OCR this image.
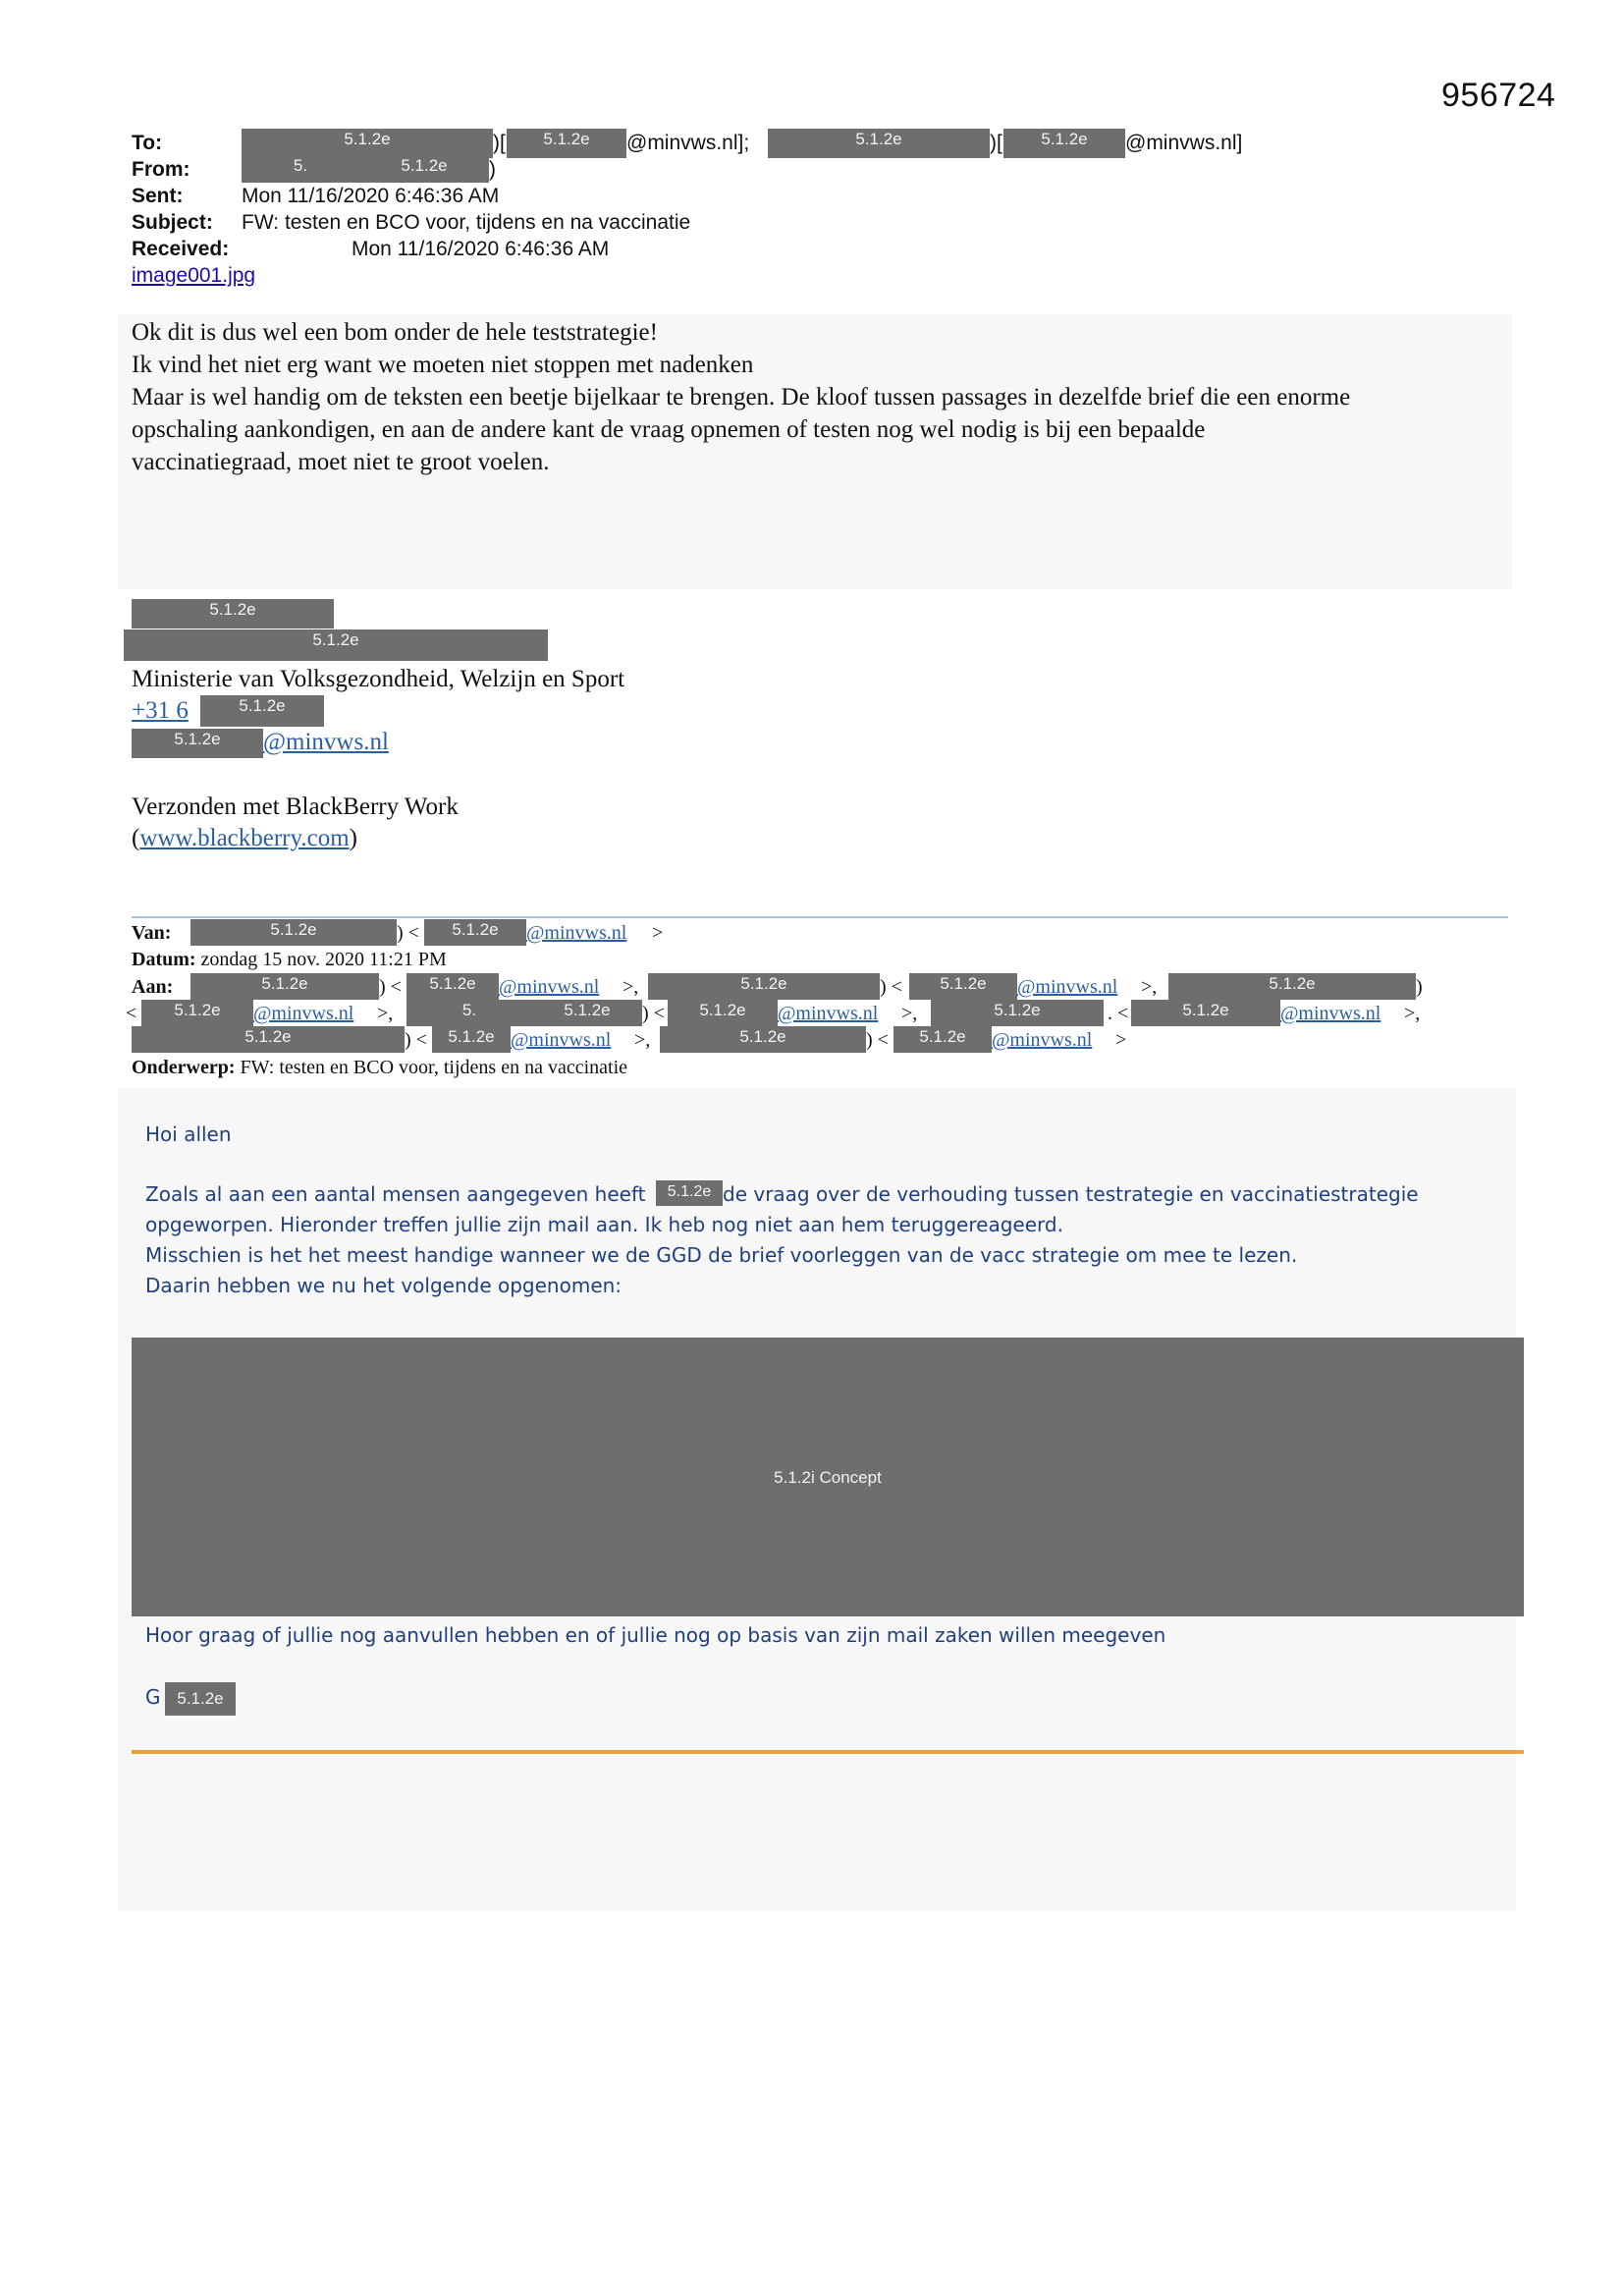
956724
To:	5.1.2e	)[	5.1.2e	@minvws.nl];	5.1.2e	)[	5.1.2e	@minvws.nl]
From:	5.	5.1.2e	)
Sent:	Mon 11/16/2020 6:46:36 AM
Subject: FW: testen en BCO voor, tijdens en na vaccinatie
Received:	Mon 11/16/2020 6:46:36 AM
image001.jpg
Ok dit is dus wel een bom onder de hele teststrategie!
Ik vind het niet erg want we moeten niet stoppen met nadenken
Maar is wel handig om de teksten een beetje bijelkaar te brengen. De kloof tussen passages in dezelfde brief die een enorme
opschaling aankondigen, en aan de andere kant de vraag opnemen of testen nog wel nodig is bij een bepaalde
vaccinatiegraad, moet niet te groot voelen.
5.1.2e
5.1.2e
Ministerie van Volksgezondheid, Welzijn en Sport
+31 6	5.1.2e
5.1.2e	@minvws.nl
Verzonden met BlackBerry Work
(www.blackberry.com)
Van:	5.1.2e	) <	5.1.2e	@minvws.nl >
Datum: zondag 15 nov. 2020 11:21 PM
Aan:	5.1.2e	) <	5.1.2e	@minvws.nl >,	5.1.2e	) <	5.1.2e	@minvws.nl >,	5.1.2e	)
<	5.1.2e	@minvws.nl >,	5.	5.1.2e	) <	5.1.2e	@minvws.nl >,	5.1.2e	. <	5.1.2e	@minvws.nl >,
5.1.2e	) <	5.1.2e @minvws.nl >,	5.1.2e	) <	5.1.2e	@minvws.nl >
Onderwerp: FW: testen en BCO voor, tijdens en na vaccinatie
Hoi allen
Zoals al aan een aantal mensen aangegeven heeft	5.1.2e de vraag over de verhouding tussen testrategie en vaccinatiestrategie
opgeworpen. Hieronder treffen jullie zijn mail aan. Ik heb nog niet aan hem teruggereageerd.
Misschien is het het meest handige wanneer we de GGD de brief voorleggen van de vacc strategie om mee te lezen.
Daarin hebben we nu het volgende opgenomen:
5.1.2i Concept
Hoor graag of jullie nog aanvullen hebben en of jullie nog op basis van zijn mail zaken willen meegeven
G 5.1.2e
